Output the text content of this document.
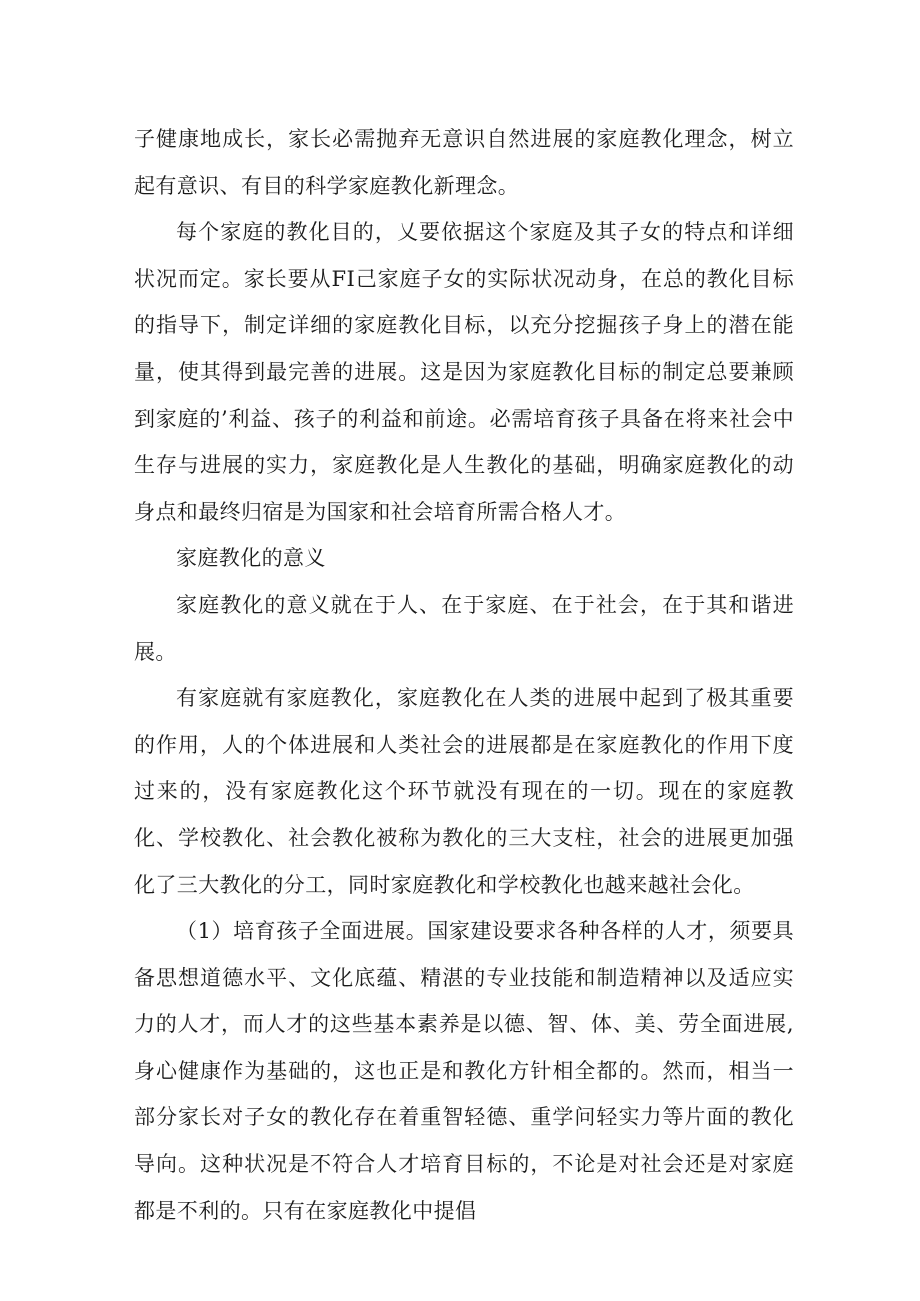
子健康地成长，家长必需抛弃无意识自然进展的家庭教化理念，树立起有意识、有目的科学家庭教化新理念。

每个家庭的教化目的，乂要依据这个家庭及其子女的特点和详细状况而定。家长要从FI己家庭子女的实际状况动身，在总的教化目标的指导下，制定详细的家庭教化目标，以充分挖掘孩子身上的潜在能量，使其得到最完善的进展。这是因为家庭教化目标的制定总要兼顾到家庭的’利益、孩子的利益和前途。必需培育孩子具备在将来社会中生存与进展的实力，家庭教化是人生教化的基础，明确家庭教化的动身点和最终归宿是为国家和社会培育所需合格人才。

家庭教化的意义

家庭教化的意义就在于人、在于家庭、在于社会，在于其和谐进展。

有家庭就有家庭教化，家庭教化在人类的进展中起到了极其重要的作用，人的个体进展和人类社会的进展都是在家庭教化的作用下度过来的，没有家庭教化这个环节就没有现在的一切。现在的家庭教化、学校教化、社会教化被称为教化的三大支柱，社会的进展更加强化了三大教化的分工，同时家庭教化和学校教化也越来越社会化。

（1）培育孩子全面进展。国家建设要求各种各样的人才，须要具备思想道德水平、文化底蕴、精湛的专业技能和制造精神以及适应实力的人才，而人才的这些基本素养是以德、智、体、美、劳全面进展,身心健康作为基础的，这也正是和教化方针相全都的。然而，相当一部分家长对子女的教化存在着重智轻德、重学问轻实力等片面的教化导向。这种状况是不符合人才培育目标的，不论是对社会还是对家庭都是不利的。只有在家庭教化中提倡
